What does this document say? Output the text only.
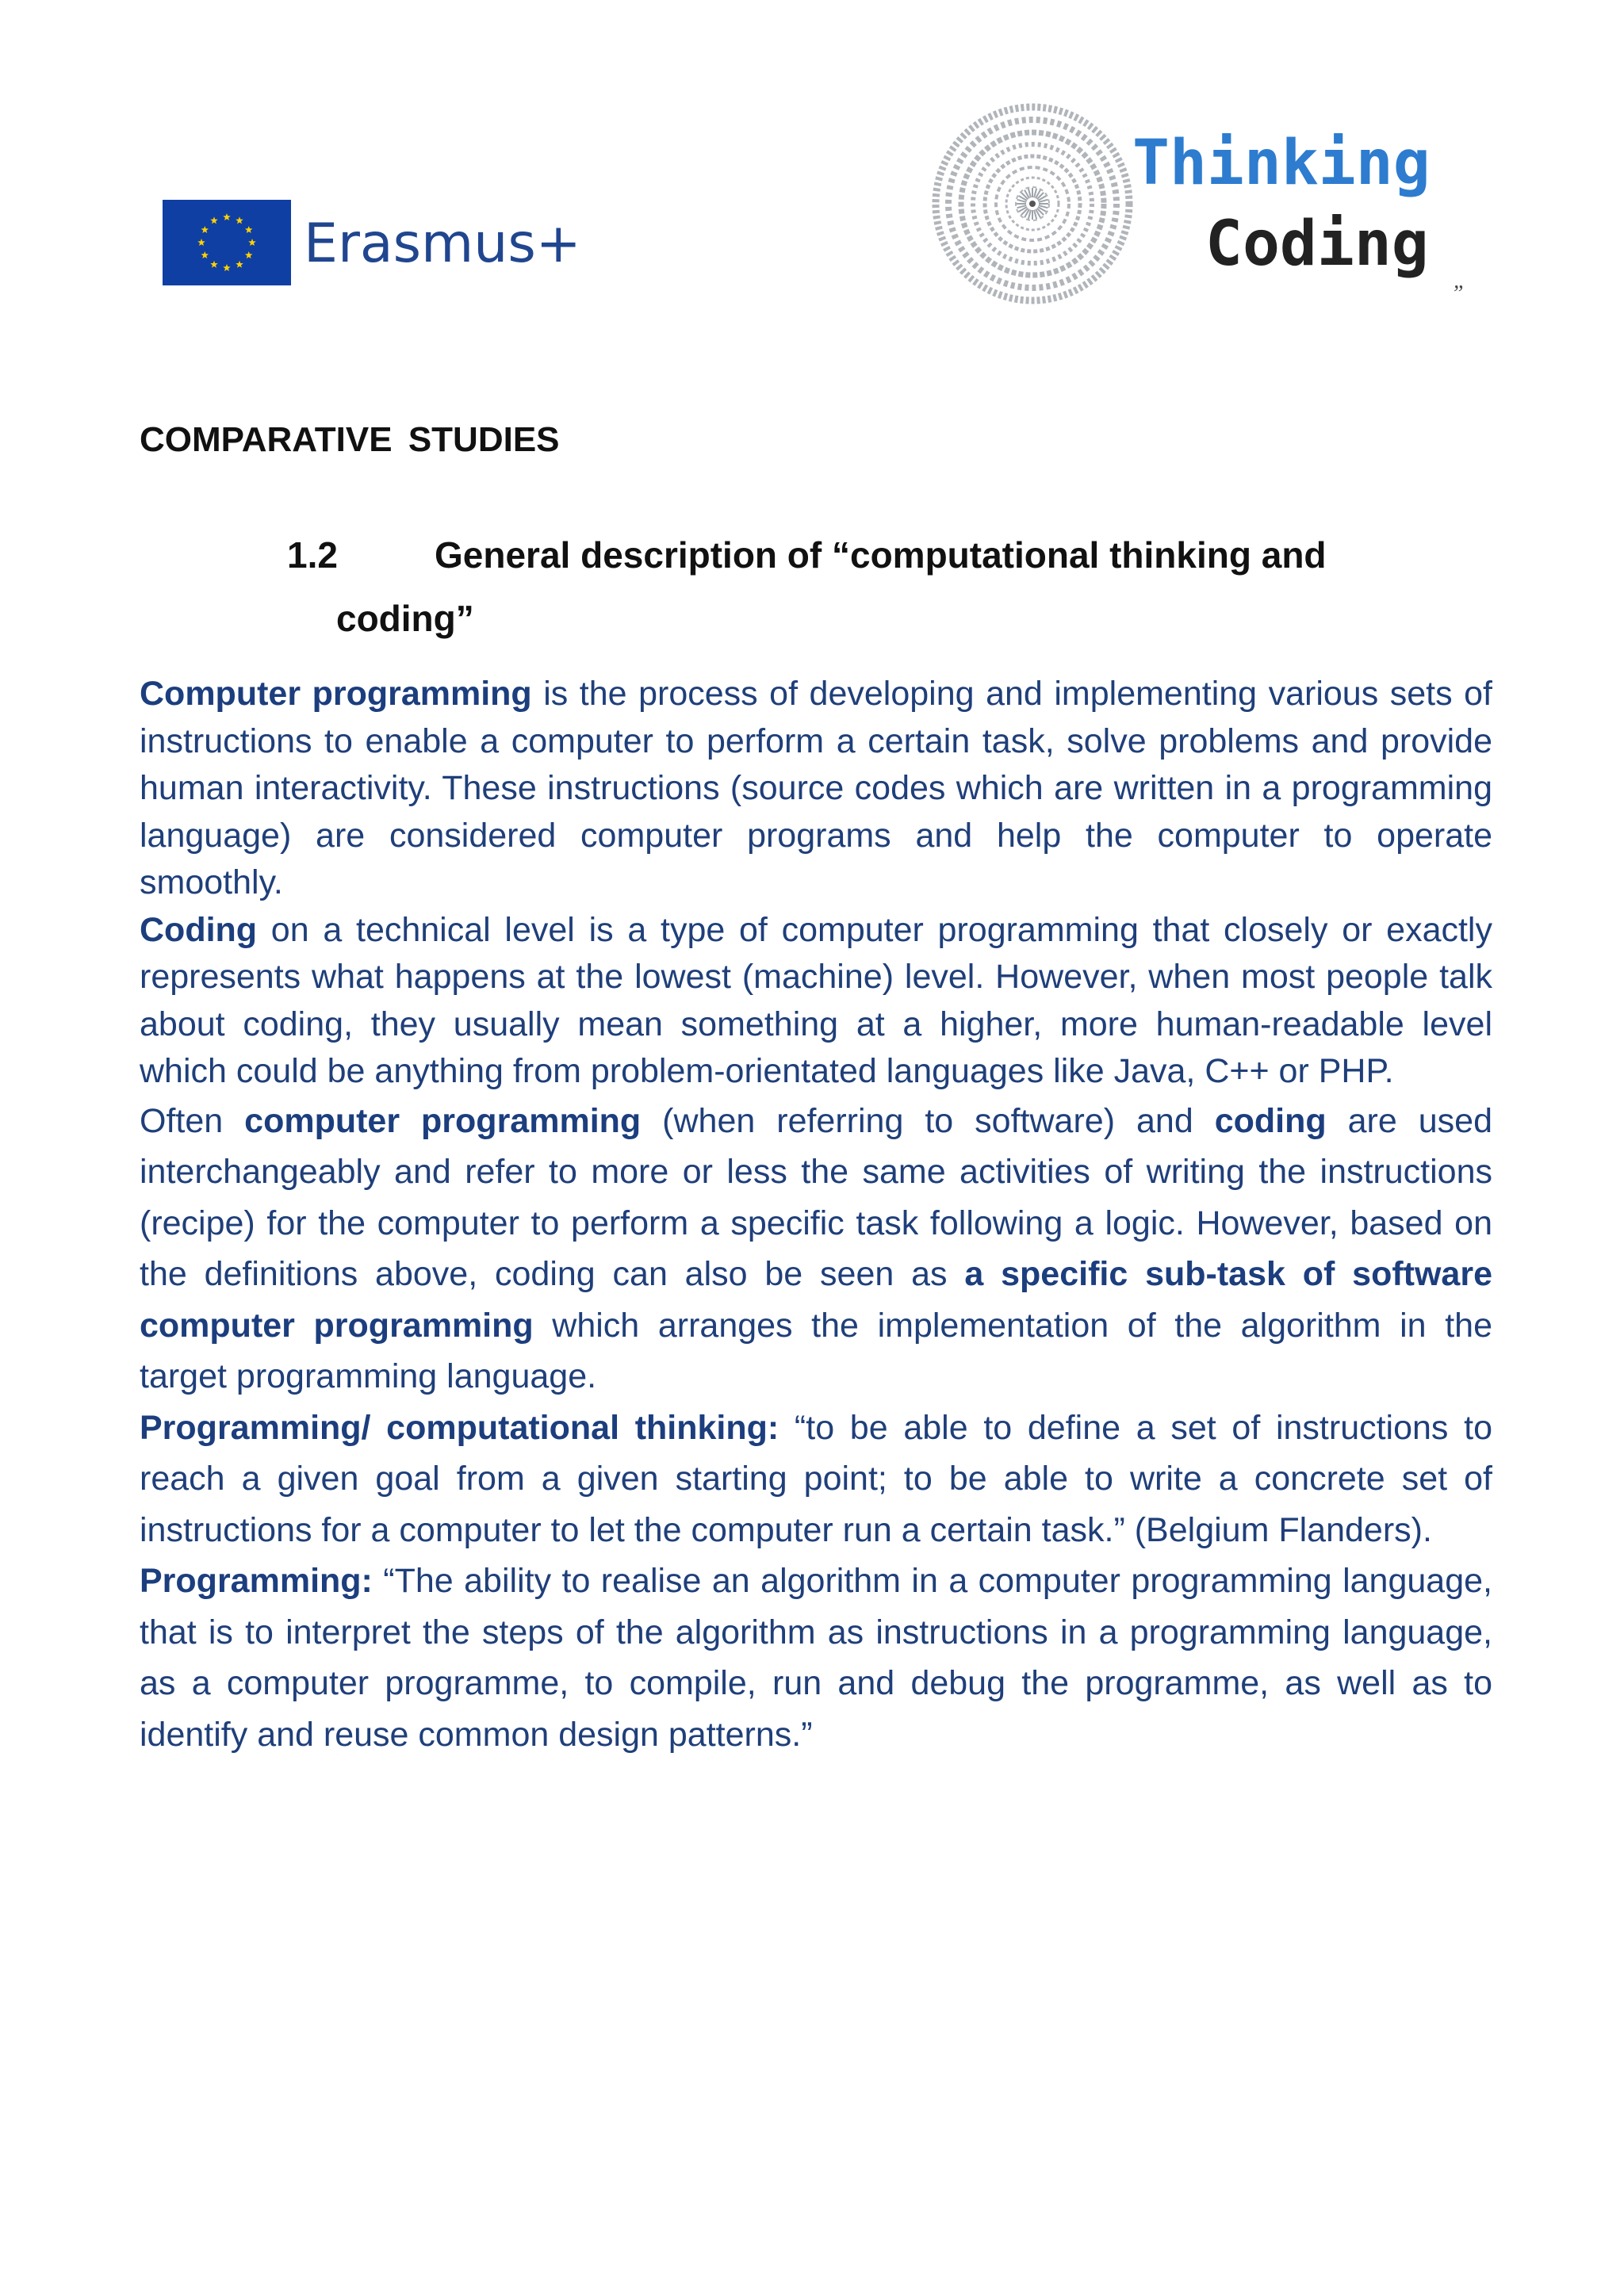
Erasmus+
Thinking
Coding
”
COMPARATIVE STUDIES
1.2	General description of “computational thinking and
coding”

Computer programming is the process of developing and implementing various sets of instructions to enable a computer to perform a certain task, solve problems and provide human interactivity. These instructions (source codes which are written in a programming language) are considered computer programs and help the computer to operate smoothly.

Coding on a technical level is a type of computer programming that closely or exactly represents what happens at the lowest (machine) level. However, when most people talk about coding, they usually mean something at a higher, more human-readable level which could be anything from problem-orientated languages like Java, C++ or PHP.

Often computer programming (when referring to software) and coding are used interchangeably and refer to more or less the same activities of writing the instructions (recipe) for the computer to perform a specific task following a logic. However, based on the definitions above, coding can also be seen as a specific sub-task of software computer programming which arranges the implementation of the algorithm in the target programming language.

Programming/ computational thinking: “to be able to define a set of instructions to reach a given goal from a given starting point; to be able to write a concrete set of instructions for a computer to let the computer run a certain task.” (Belgium Flanders).

Programming: “The ability to realise an algorithm in a computer programming language, that is to interpret the steps of the algorithm as instructions in a programming language, as a computer programme, to compile, run and debug the programme, as well as to identify and reuse common design patterns.”
